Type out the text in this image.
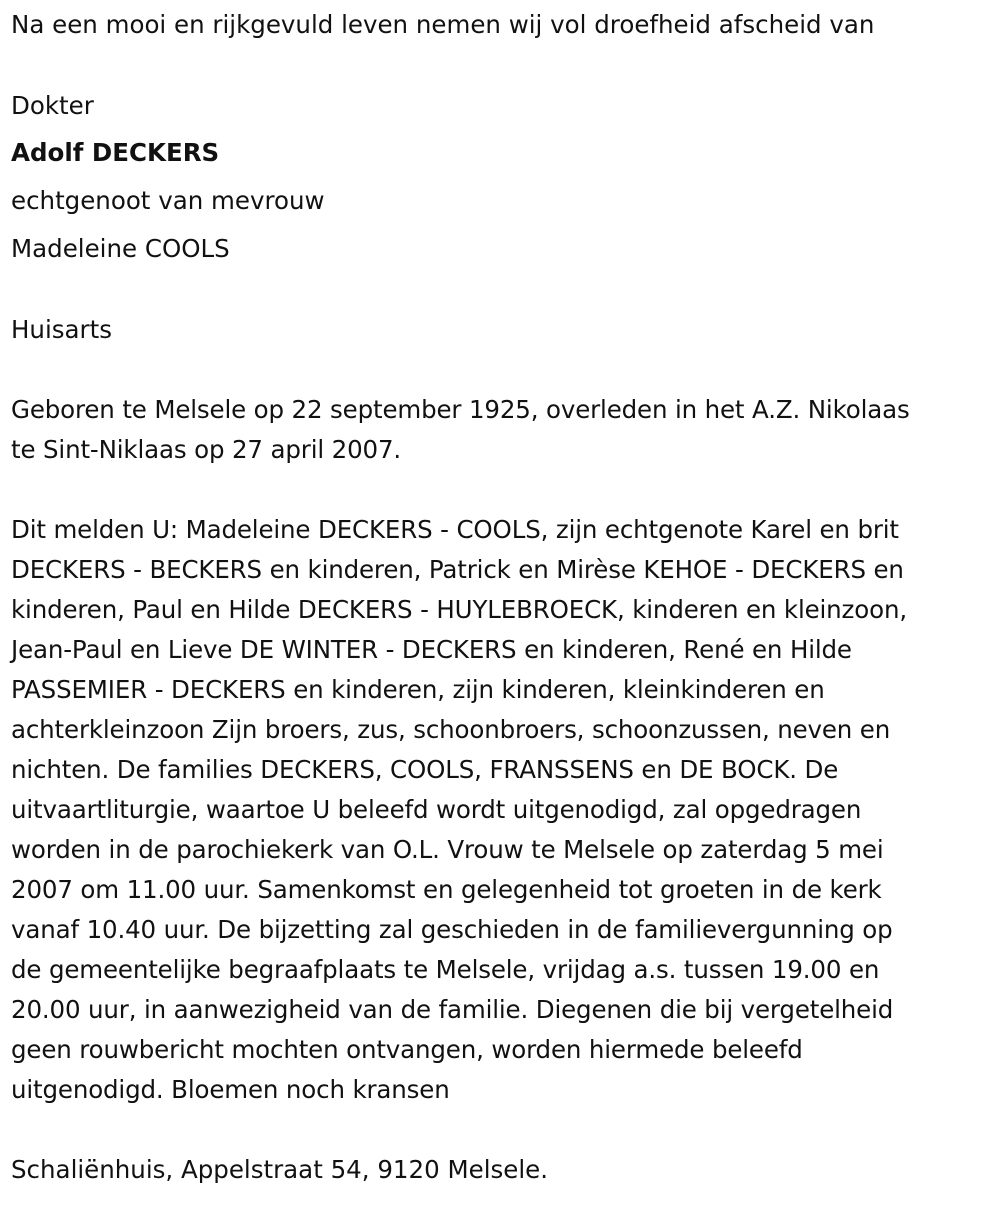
Na een mooi en rijkgevuld leven nemen wij vol droefheid afscheid van
Dokter
Adolf DECKERS
echtgenoot van mevrouw
Madeleine COOLS
Huisarts
Geboren te Melsele op 22 september 1925, overleden in het A.Z. Nikolaas
te Sint-Niklaas op 27 april 2007.
Dit melden U: Madeleine DECKERS - COOLS, zijn echtgenote Karel en brit
DECKERS - BECKERS en kinderen, Patrick en Mirèse KEHOE - DECKERS en
kinderen, Paul en Hilde DECKERS - HUYLEBROECK, kinderen en kleinzoon,
Jean-Paul en Lieve DE WINTER - DECKERS en kinderen, René en Hilde
PASSEMIER - DECKERS en kinderen, zijn kinderen, kleinkinderen en
achterkleinzoon Zijn broers, zus, schoonbroers, schoonzussen, neven en
nichten. De families DECKERS, COOLS, FRANSSENS en DE BOCK. De
uitvaartliturgie, waartoe U beleefd wordt uitgenodigd, zal opgedragen
worden in de parochiekerk van O.L. Vrouw te Melsele op zaterdag 5 mei
2007 om 11.00 uur. Samenkomst en gelegenheid tot groeten in de kerk
vanaf 10.40 uur. De bijzetting zal geschieden in de familievergunning op
de gemeentelijke begraafplaats te Melsele, vrijdag a.s. tussen 19.00 en
20.00 uur, in aanwezigheid van de familie. Diegenen die bij vergetelheid
geen rouwbericht mochten ontvangen, worden hiermede beleefd
uitgenodigd. Bloemen noch kransen
Schaliënhuis, Appelstraat 54, 9120 Melsele.
